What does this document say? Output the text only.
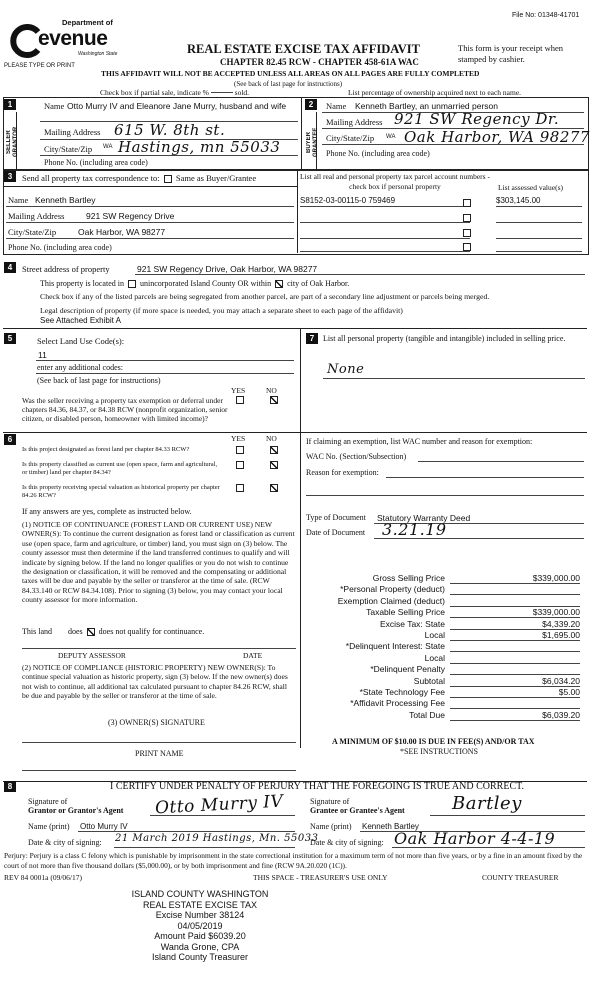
File No: 01348-41701
Department of
evenue
Washington State
PLEASE TYPE OR PRINT
REAL ESTATE EXCISE TAX AFFIDAVIT
CHAPTER 82.45 RCW - CHAPTER 458-61A WAC
This form is your receipt when stamped by cashier.
THIS AFFIDAVIT WILL NOT BE ACCEPTED UNLESS ALL AREAS ON ALL PAGES ARE FULLY COMPLETED
(See back of last page for instructions)
Check box if partial sale, indicate %	sold.	List percentage of ownership acquired next to each name.
1
SELLER GRANTOR
Name Otto Murry IV and Eleanore Jane Murry, husband and wife
Mailing Address 615 W. 8th st.
City/State/Zip WA Hastings, mn 55033
Phone No. (including area code)
2
BUYER GRANTEE
Name Kenneth Bartley, an unmarried person
Mailing Address 921 SW Regency Dr.
City/State/Zip WA Oak Harbor, WA 98277
Phone No. (including area code)
3	Send all property tax correspondence to: Same as Buyer/Grantee
Name Kenneth Bartley
Mailing Address	921 SW Regency Drive
City/State/Zip	Oak Harbor, WA 98277
Phone No. (including area code)
List all real and personal property tax parcel account numbers - check box if personal property	List assessed value(s)
S8152-03-00115-0 759469	$303,145.00
4	Street address of property	921 SW Regency Drive, Oak Harbor, WA 98277
This property is located in unincorporated Island County OR within city of Oak Harbor.
Check box if any of the listed parcels are being segregated from another parcel, are part of a secondary line adjustment or parcels being merged.
Legal description of property (if more space is needed, you may attach a separate sheet to each page of the affidavit)
See Attached Exhibit A
5	Select Land Use Code(s):
11
enter any additional codes:
(See back of last page for instructions)
YES	NO
Was the seller receiving a property tax exemption or deferral under chapters 84.36, 84.37, or 84.38 RCW (nonprofit organization, senior citizen, or disabled person, homeowner with limited income)?
6	YES	NO
Is this project designated as forest land per chapter 84.33 RCW?
Is this property classified as current use (open space, farm and agricultural, or timber) land per chapter 84.34?
Is this property receiving special valuation as historical property per chapter 84.26 RCW?
If any answers are yes, complete as instructed below.
(1) NOTICE OF CONTINUANCE (FOREST LAND OR CURRENT USE) NEW OWNER(S): To continue the current designation as forest land or classification as current use (open space, farm and agriculture, or timber) land, you must sign on (3) below. The county assessor must then determine if the land transferred continues to qualify and will indicate by signing below. If the land no longer qualifies or you do not wish to continue the designation or classification, it will be removed and the compensating or additional taxes will be due and payable by the seller or transferor at the time of sale. (RCW 84.33.140 or RCW 84.34.108). Prior to signing (3) below, you may contact your local county assessor for more information.
This land does does not qualify for continuance.
DEPUTY ASSESSOR	DATE
(2) NOTICE OF COMPLIANCE (HISTORIC PROPERTY) NEW OWNER(S): To continue special valuation as historic property, sign (3) below. If the new owner(s) does not wish to continue, all additional tax calculated pursuant to chapter 84.26 RCW, shall be due and payable by the seller or transferor at the time of sale.
(3) OWNER(S) SIGNATURE
PRINT NAME
7	List all personal property (tangible and intangible) included in selling price.
None
If claiming an exemption, list WAC number and reason for exemption:
WAC No. (Section/Subsection)
Reason for exemption:
Type of Document Statutory Warranty Deed
Date of Document 3.21.19
Gross Selling Price	$339,000.00
*Personal Property (deduct)
Exemption Claimed (deduct)
Taxable Selling Price	$339,000.00
Excise Tax: State	$4,339.20
Local	$1,695.00
*Delinquent Interest: State
Local
*Delinquent Penalty
Subtotal	$6,034.20
*State Technology Fee	$5.00
*Affidavit Processing Fee
Total Due	$6,039.20
A MINIMUM OF $10.00 IS DUE IN FEE(S) AND/OR TAX
*SEE INSTRUCTIONS
8	I CERTIFY UNDER PENALTY OF PERJURY THAT THE FOREGOING IS TRUE AND CORRECT.
Signature of
Grantor or Grantor's Agent Otto Murry IV
Name (print) Otto Murry IV
Date & city of signing: 21 March 2019 Hastings, Mn. 55033
Signature of
Grantee or Grantee's Agent	Bartley
Name (print) Kenneth Bartley
Date & city of signing: Oak Harbor 4-4-19
Perjury: Perjury is a class C felony which is punishable by imprisonment in the state correctional institution for a maximum term of not more than five years, or by a fine in an amount fixed by the court of not more than five thousand dollars ($5,000.00), or by both imprisonment and fine (RCW 9A.20.020 (1C)).
REV 84 0001a (09/06/17)	THIS SPACE - TREASURER'S USE ONLY	COUNTY TREASURER
ISLAND COUNTY WASHINGTON
REAL ESTATE EXCISE TAX
Excise Number 38124
04/05/2019
Amount Paid $6039.20
Wanda Grone, CPA
Island County Treasurer
